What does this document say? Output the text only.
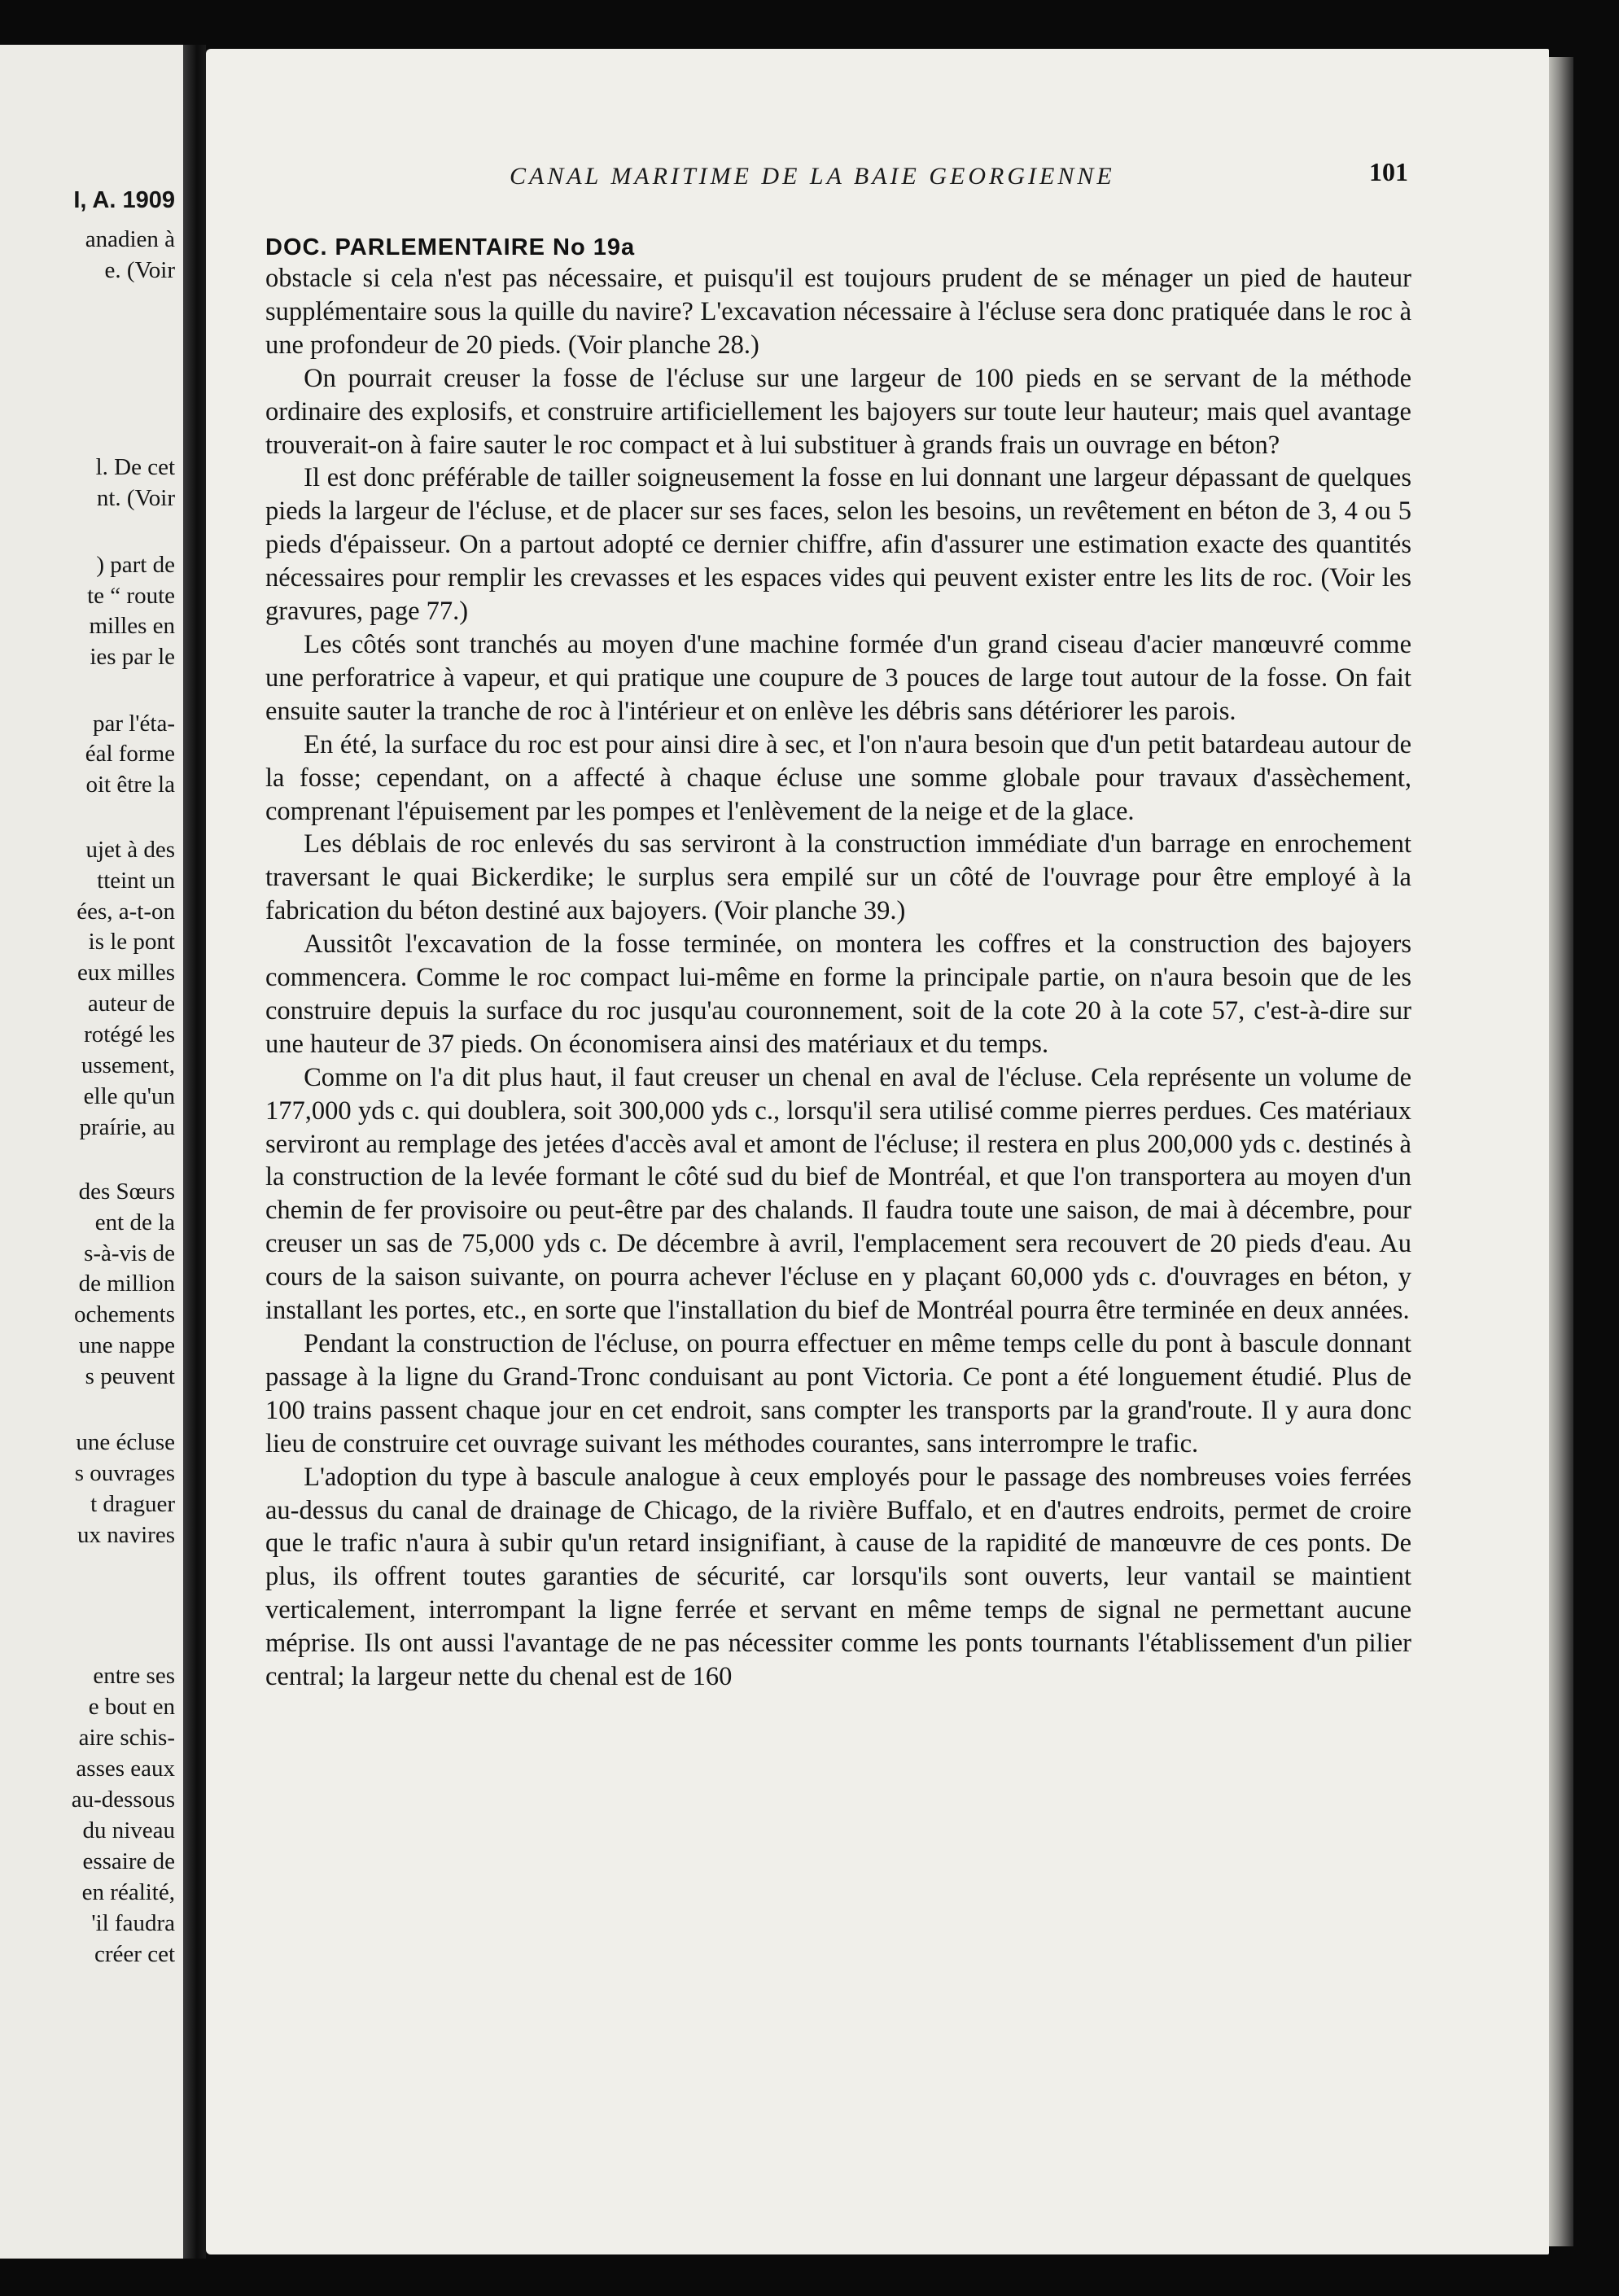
I, A. 1909
anadien à
e. (Voir
l. De cet
nt. (Voir
) part de
te “ route
milles en
ies par le
par l'éta-
éal forme
oit être la
ujet à des
tteint un
ées, a-t-on
is le pont
eux milles
auteur de
rotégé les
ussement,
elle qu'un
praírie, au
des Sœurs
ent de la
s-à-vis de
de million
ochements
une nappe
s peuvent
une écluse
s ouvrages
t draguer
ux navires
entre ses
e bout en
aire schis-
asses eaux
au-dessous
du niveau
essaire de
en réalité,
'il faudra
créer cet
CANAL MARITIME DE LA BAIE GEORGIENNE	101
DOC. PARLEMENTAIRE No 19a

obstacle si cela n'est pas nécessaire, et puisqu'il est toujours prudent de se ménager un pied de hauteur supplémentaire sous la quille du navire? L'excavation nécessaire à l'écluse sera donc pratiquée dans le roc à une profondeur de 20 pieds. (Voir planche 28.)

On pourrait creuser la fosse de l'écluse sur une largeur de 100 pieds en se servant de la méthode ordinaire des explosifs, et construire artificiellement les bajoyers sur toute leur hauteur; mais quel avantage trouverait-on à faire sauter le roc compact et à lui substituer à grands frais un ouvrage en béton?

Il est donc préférable de tailler soigneusement la fosse en lui donnant une largeur dépassant de quelques pieds la largeur de l'écluse, et de placer sur ses faces, selon les besoins, un revêtement en béton de 3, 4 ou 5 pieds d'épaisseur. On a partout adopté ce dernier chiffre, afin d'assurer une estimation exacte des quantités nécessaires pour remplir les crevasses et les espaces vides qui peuvent exister entre les lits de roc. (Voir les gravures, page 77.)

Les côtés sont tranchés au moyen d'une machine formée d'un grand ciseau d'acier manœuvré comme une perforatrice à vapeur, et qui pratique une coupure de 3 pouces de large tout autour de la fosse. On fait ensuite sauter la tranche de roc à l'intérieur et on enlève les débris sans détériorer les parois.

En été, la surface du roc est pour ainsi dire à sec, et l'on n'aura besoin que d'un petit batardeau autour de la fosse; cependant, on a affecté à chaque écluse une somme globale pour travaux d'assèchement, comprenant l'épuisement par les pompes et l'enlèvement de la neige et de la glace.

Les déblais de roc enlevés du sas serviront à la construction immédiate d'un barrage en enrochement traversant le quai Bickerdike; le surplus sera empilé sur un côté de l'ouvrage pour être employé à la fabrication du béton destiné aux bajoyers. (Voir planche 39.)

Aussitôt l'excavation de la fosse terminée, on montera les coffres et la construction des bajoyers commencera. Comme le roc compact lui-même en forme la principale partie, on n'aura besoin que de les construire depuis la surface du roc jusqu'au couronnement, soit de la cote 20 à la cote 57, c'est-à-dire sur une hauteur de 37 pieds. On économisera ainsi des matériaux et du temps.

Comme on l'a dit plus haut, il faut creuser un chenal en aval de l'écluse. Cela représente un volume de 177,000 yds c. qui doublera, soit 300,000 yds c., lorsqu'il sera utilisé comme pierres perdues. Ces matériaux serviront au remplage des jetées d'accès aval et amont de l'écluse; il restera en plus 200,000 yds c. destinés à la construction de la levée formant le côté sud du bief de Montréal, et que l'on transportera au moyen d'un chemin de fer provisoire ou peut-être par des chalands. Il faudra toute une saison, de mai à décembre, pour creuser un sas de 75,000 yds c. De décembre à avril, l'emplacement sera recouvert de 20 pieds d'eau. Au cours de la saison suivante, on pourra achever l'écluse en y plaçant 60,000 yds c. d'ouvrages en béton, y installant les portes, etc., en sorte que l'installation du bief de Montréal pourra être terminée en deux années.

Pendant la construction de l'écluse, on pourra effectuer en même temps celle du pont à bascule donnant passage à la ligne du Grand-Tronc conduisant au pont Victoria. Ce pont a été longuement étudié. Plus de 100 trains passent chaque jour en cet endroit, sans compter les transports par la grand'route. Il y aura donc lieu de construire cet ouvrage suivant les méthodes courantes, sans interrompre le trafic.

L'adoption du type à bascule analogue à ceux employés pour le passage des nombreuses voies ferrées au-dessus du canal de drainage de Chicago, de la rivière Buffalo, et en d'autres endroits, permet de croire que le trafic n'aura à subir qu'un retard insignifiant, à cause de la rapidité de manœuvre de ces ponts. De plus, ils offrent toutes garanties de sécurité, car lorsqu'ils sont ouverts, leur vantail se maintient verticalement, interrompant la ligne ferrée et servant en même temps de signal ne permettant aucune méprise. Ils ont aussi l'avantage de ne pas nécessiter comme les ponts tournants l'établissement d'un pilier central; la largeur nette du chenal est de 160
